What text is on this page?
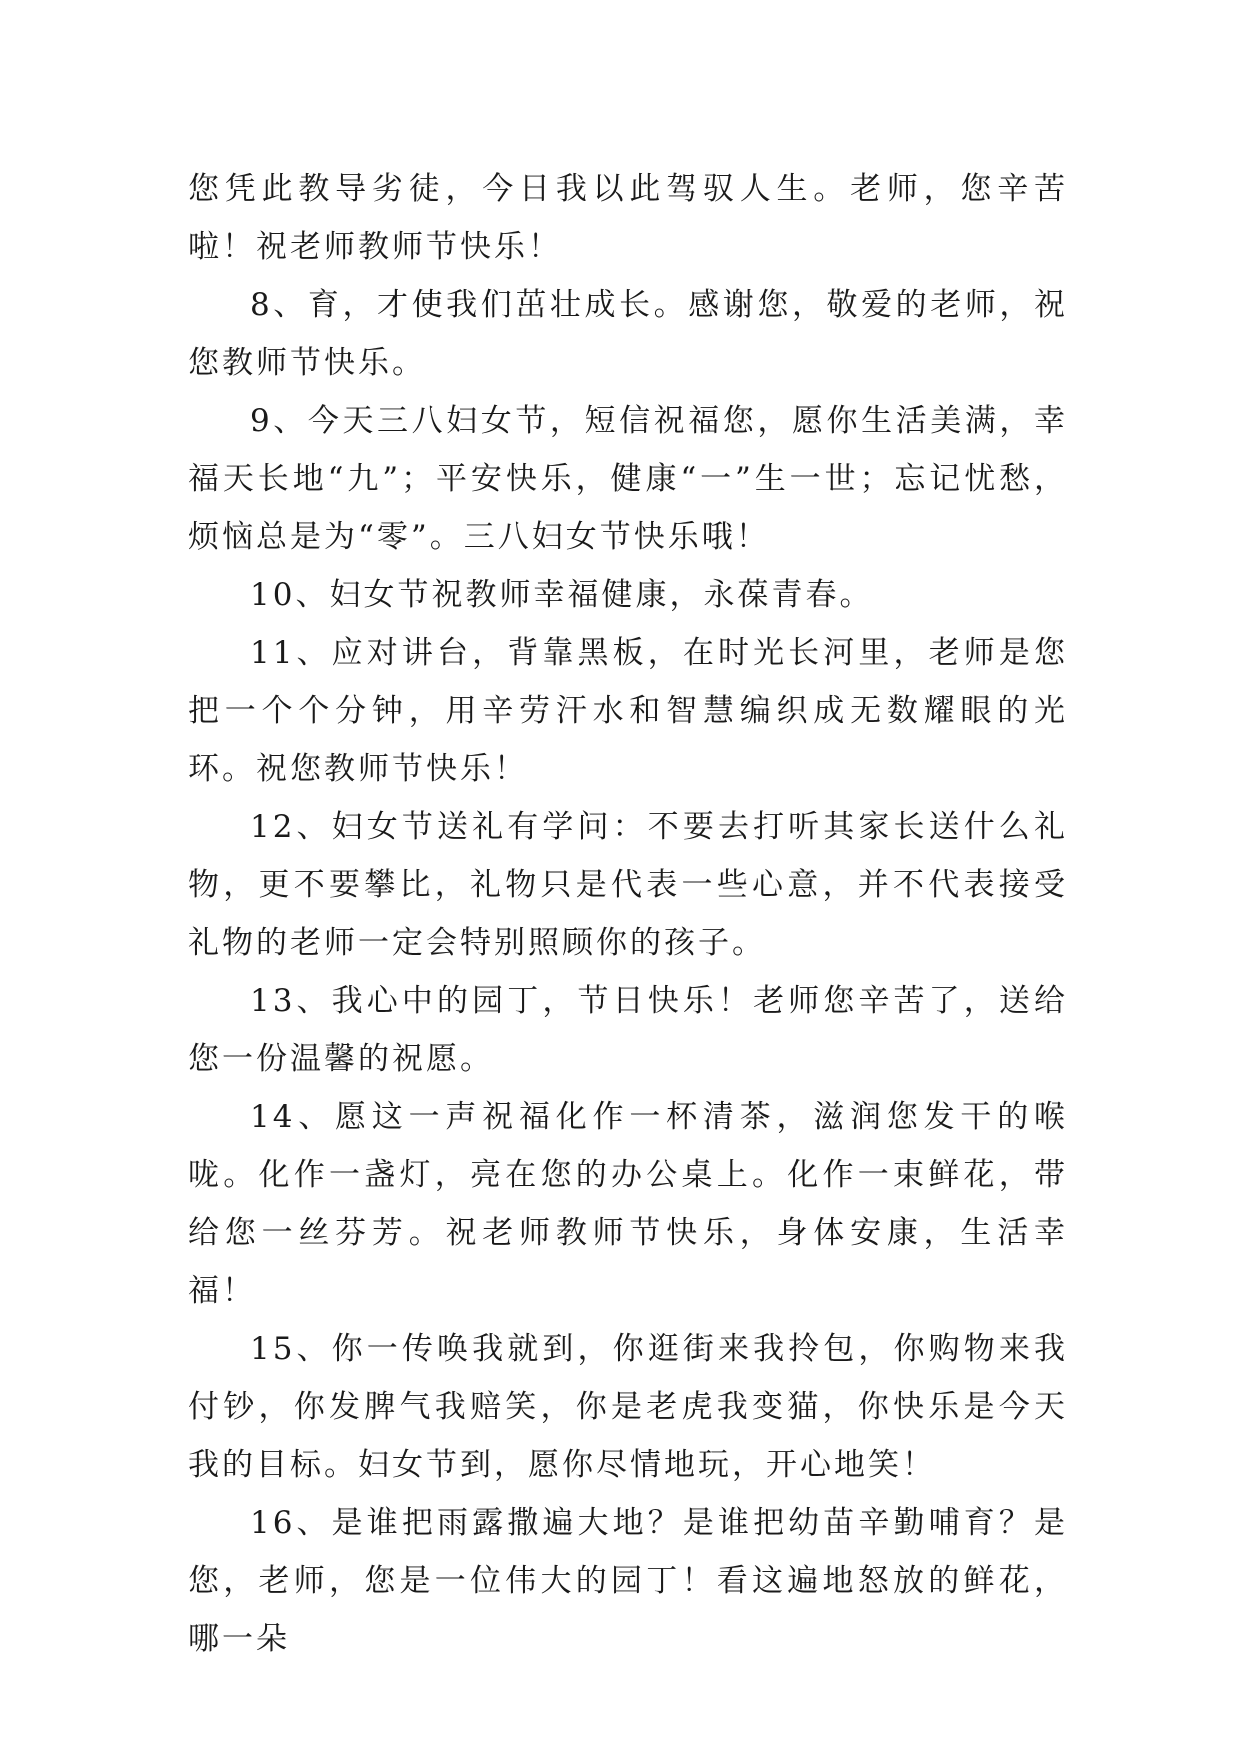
您凭此教导劣徒，今日我以此驾驭人生。老师，您辛苦啦！祝老师教师节快乐！

8、育，才使我们茁壮成长。感谢您，敬爱的老师，祝您教师节快乐。

9、今天三八妇女节，短信祝福您，愿你生活美满，幸福天长地“九”；平安快乐，健康“一”生一世；忘记忧愁，烦恼总是为“零”。三八妇女节快乐哦！

10、妇女节祝教师幸福健康，永葆青春。

11、应对讲台，背靠黑板，在时光长河里，老师是您把一个个分钟，用辛劳汗水和智慧编织成无数耀眼的光环。祝您教师节快乐！

12、妇女节送礼有学问：不要去打听其家长送什么礼物，更不要攀比，礼物只是代表一些心意，并不代表接受礼物的老师一定会特别照顾你的孩子。

13、我心中的园丁，节日快乐！老师您辛苦了，送给您一份温馨的祝愿。

14、愿这一声祝福化作一杯清茶，滋润您发干的喉咙。化作一盏灯，亮在您的办公桌上。化作一束鲜花，带给您一丝芬芳。祝老师教师节快乐，身体安康，生活幸福！

15、你一传唤我就到，你逛街来我拎包，你购物来我付钞，你发脾气我赔笑，你是老虎我变猫，你快乐是今天我的目标。妇女节到，愿你尽情地玩，开心地笑！

16、是谁把雨露撒遍大地？是谁把幼苗辛勤哺育？是您，老师，您是一位伟大的园丁！看这遍地怒放的鲜花，哪一朵
